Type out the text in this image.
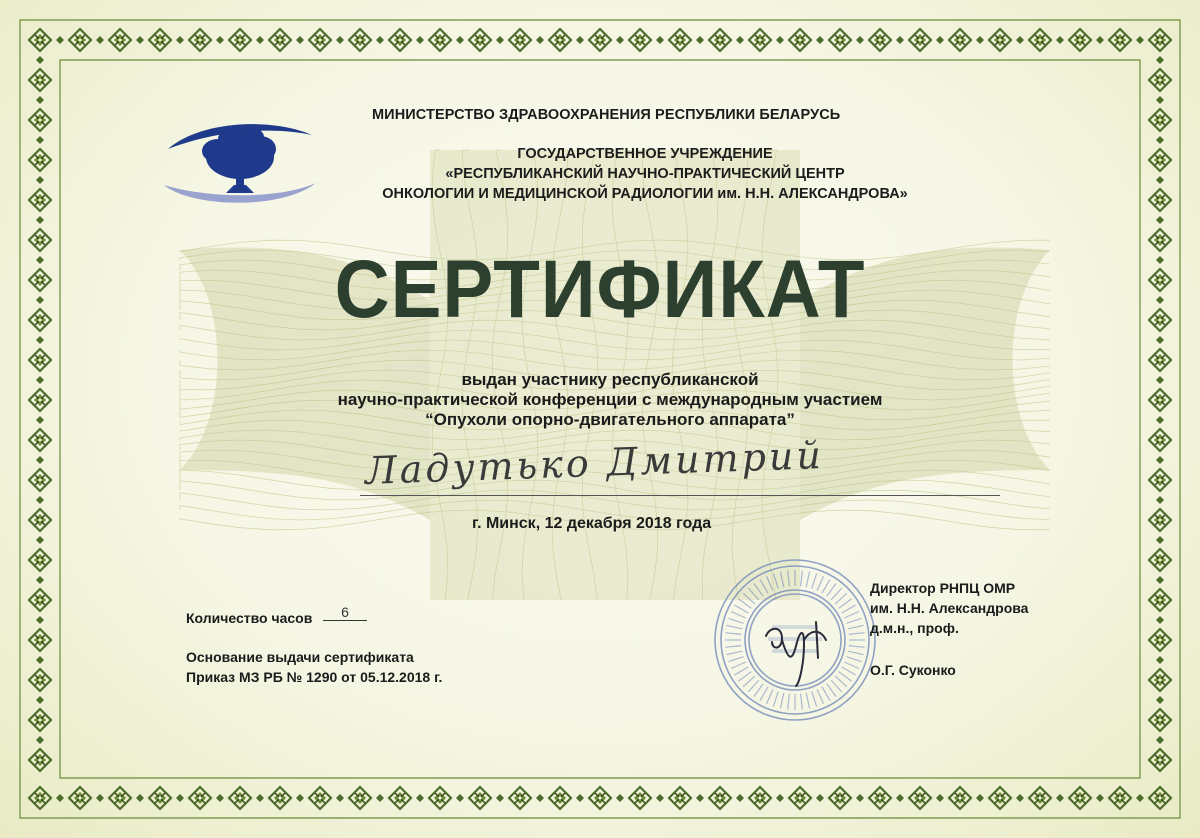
МИНИСТЕРСТВО ЗДРАВООХРАНЕНИЯ РЕСПУБЛИКИ БЕЛАРУСЬ
ГОСУДАРСТВЕННОЕ УЧРЕЖДЕНИЕ
«РЕСПУБЛИКАНСКИЙ НАУЧНО-ПРАКТИЧЕСКИЙ ЦЕНТР
ОНКОЛОГИИ И МЕДИЦИНСКОЙ РАДИОЛОГИИ им. Н.Н. АЛЕКСАНДРОВА»
СЕРТИФИКАТ
выдан участнику республиканской
научно-практической конференции с международным участием
“Опухоли опорно-двигательного аппарата”
Ладутько Дмитрий
г. Минск, 12 декабря 2018 года
Количество часов	6
Основание выдачи сертификата
Приказ МЗ РБ № 1290 от 05.12.2018 г.
Директор РНПЦ ОМР
им. Н.Н. Александрова
д.м.н., проф.
О.Г. Суконко
